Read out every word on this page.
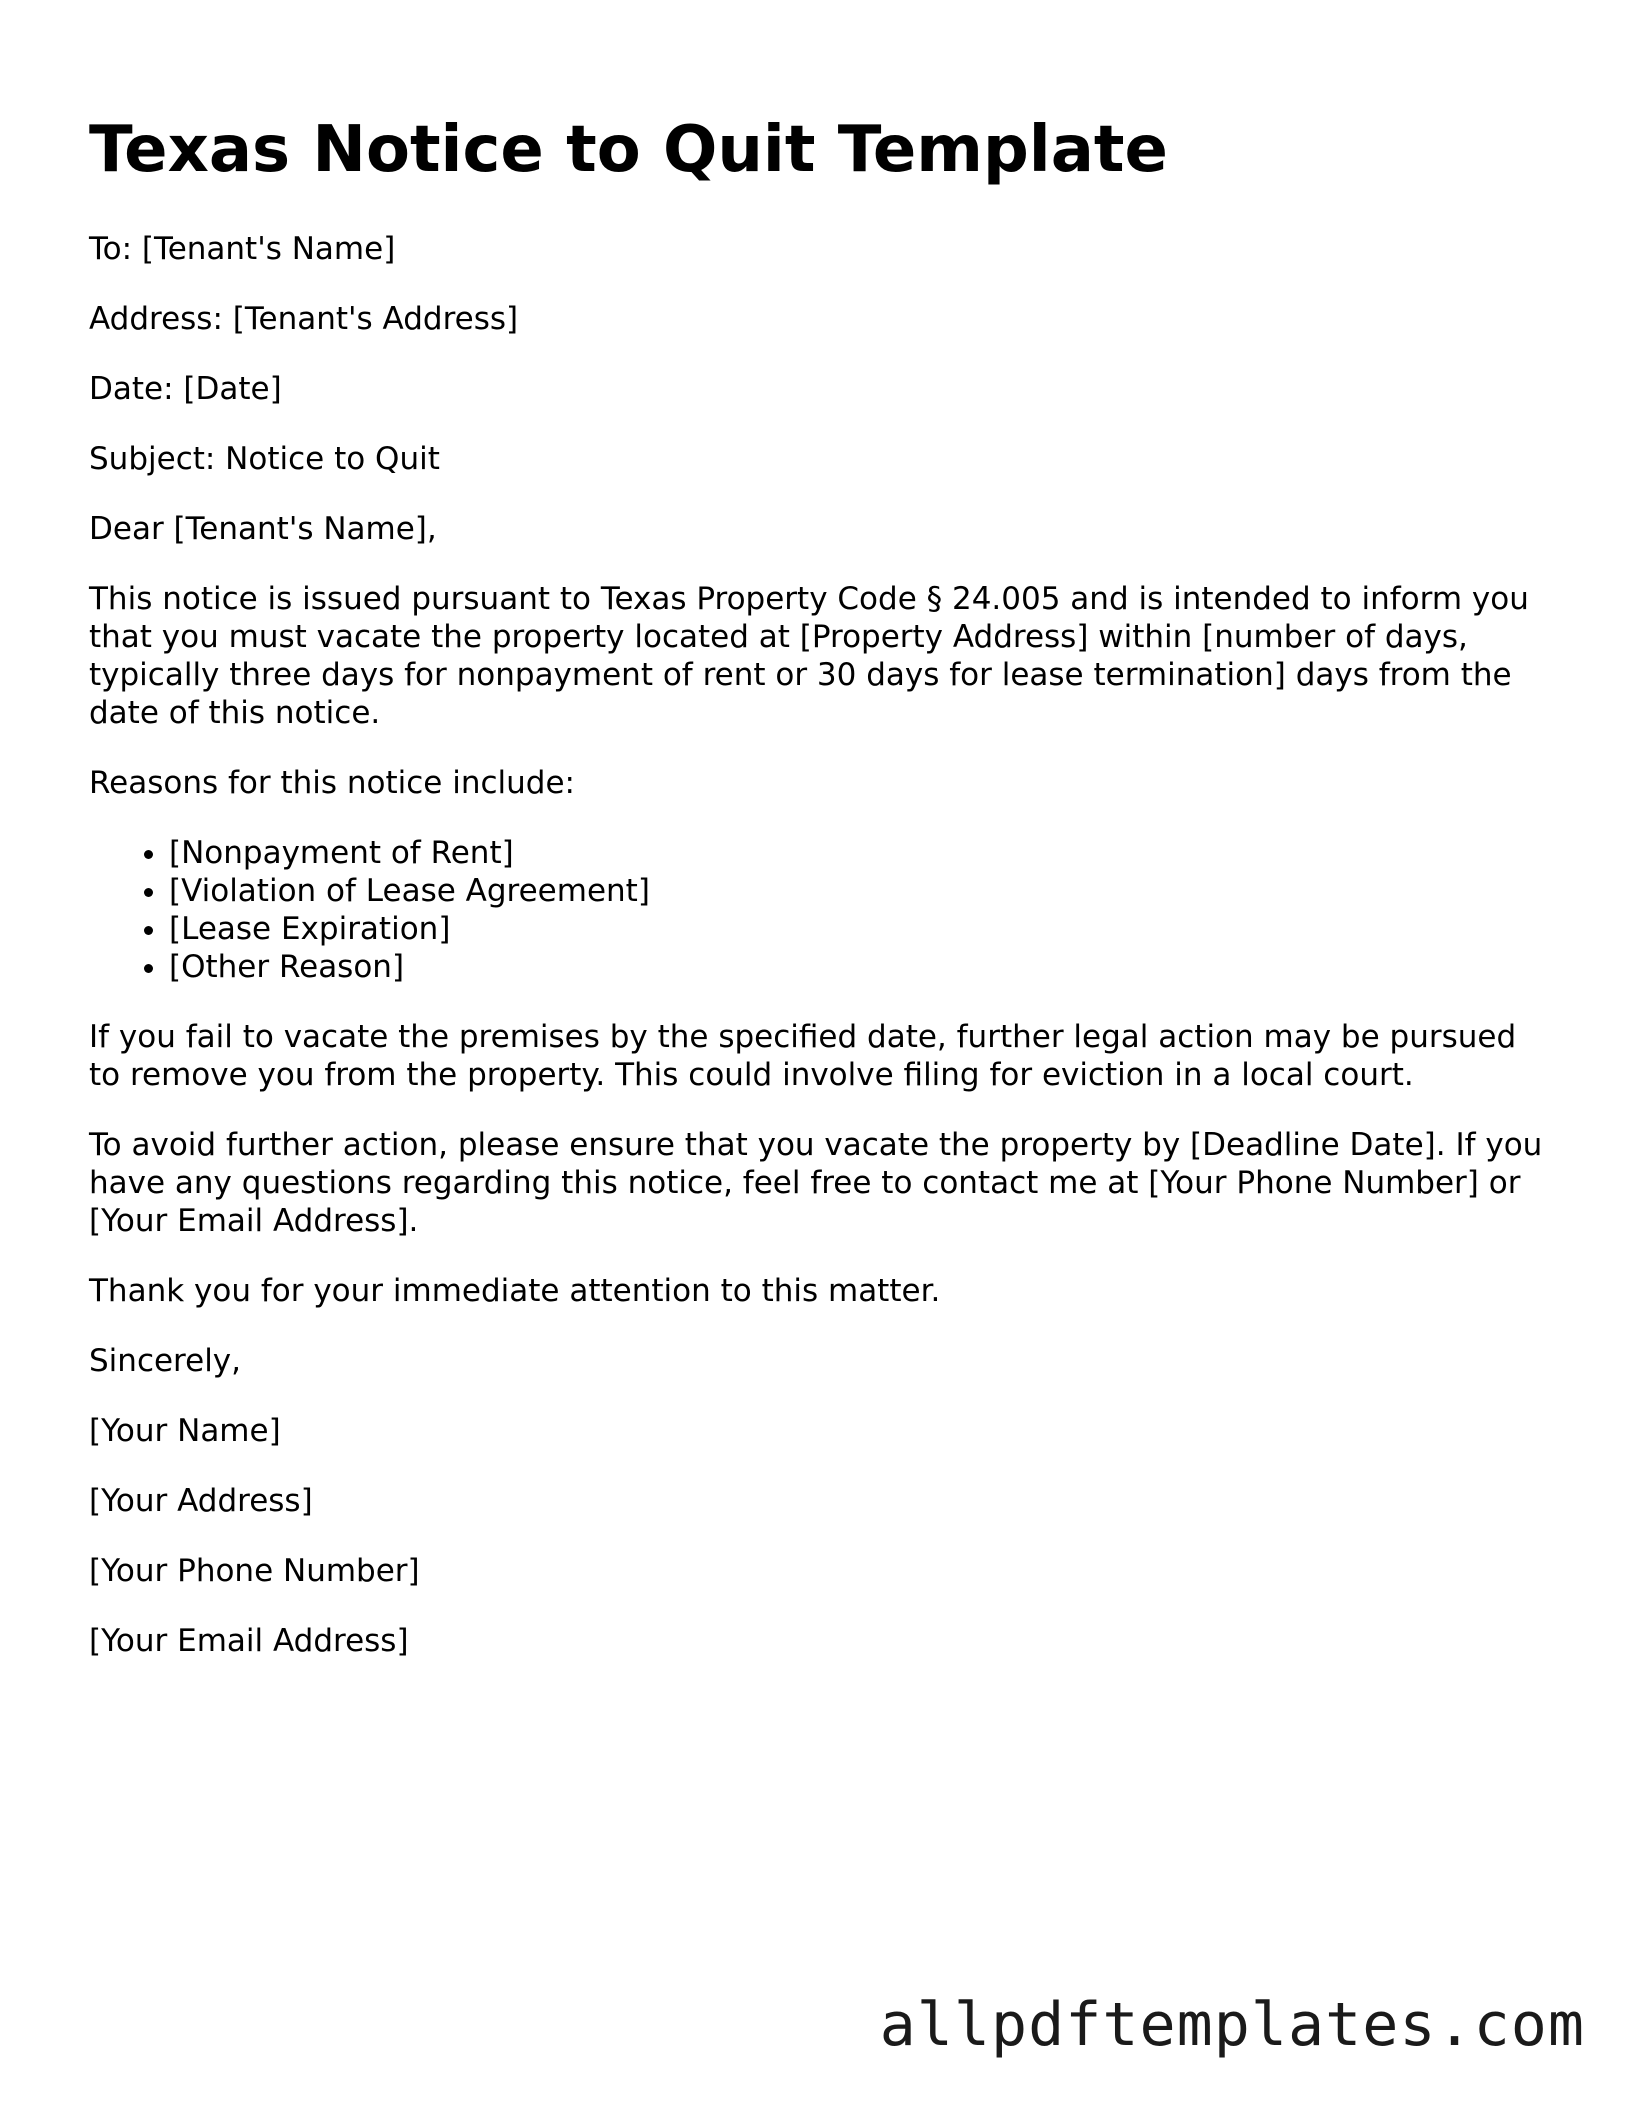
Texas Notice to Quit Template

To: [Tenant's Name]

Address: [Tenant's Address]

Date: [Date]

Subject: Notice to Quit

Dear [Tenant's Name],

This notice is issued pursuant to Texas Property Code § 24.005 and is intended to inform you that you must vacate the property located at [Property Address] within [number of days, typically three days for nonpayment of rent or 30 days for lease termination] days from the date of this notice.

Reasons for this notice include:

• [Nonpayment of Rent]
• [Violation of Lease Agreement]
• [Lease Expiration]
• [Other Reason]

If you fail to vacate the premises by the specified date, further legal action may be pursued to remove you from the property. This could involve filing for eviction in a local court.

To avoid further action, please ensure that you vacate the property by [Deadline Date]. If you have any questions regarding this notice, feel free to contact me at [Your Phone Number] or [Your Email Address].

Thank you for your immediate attention to this matter.

Sincerely,

[Your Name]

[Your Address]

[Your Phone Number]

[Your Email Address]

allpdftemplates.com
